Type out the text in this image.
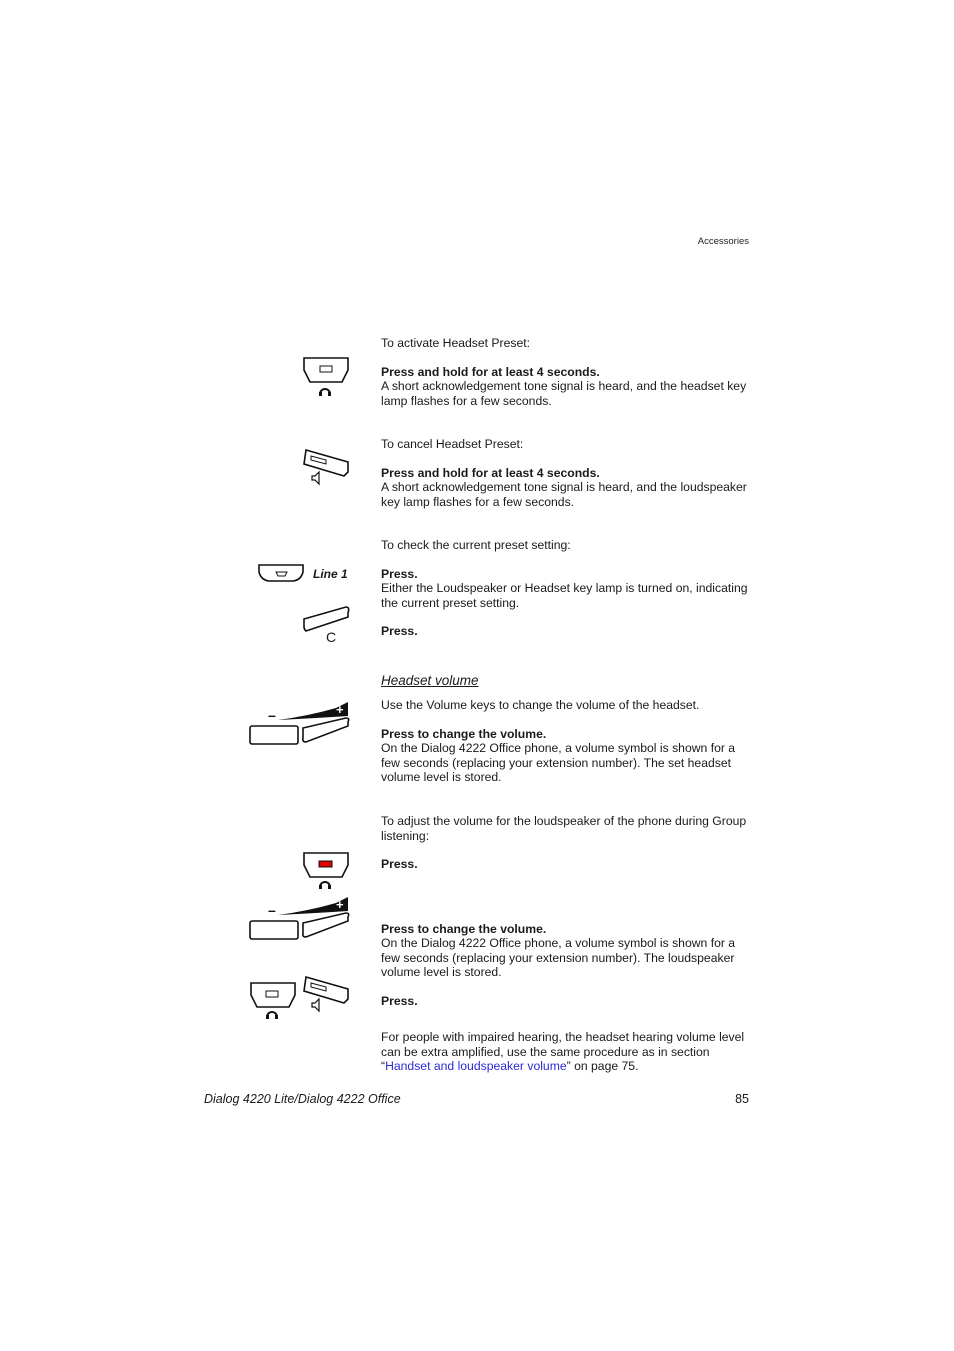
Accessories
To activate Headset Preset:
Press and hold for at least 4 seconds.
A short acknowledgement tone signal is heard, and the headset key lamp flashes for a few seconds.
To cancel Headset Preset:
Press and hold for at least 4 seconds.
A short acknowledgement tone signal is heard, and the loudspeaker key lamp flashes for a few seconds.
To check the current preset setting:
Line 1	Press.
Either the Loudspeaker or Headset key lamp is turned on, indicating the current preset setting.
C	Press.
Headset volume
Use the Volume keys to change the volume of the headset.
+
–
Press to change the volume.
On the Dialog 4222 Office phone, a volume symbol is shown for a few seconds (replacing your extension number). The set headset volume level is stored.
To adjust the volume for the loudspeaker of the phone during Group listening:
Press.
+
–
Press to change the volume.
On the Dialog 4222 Office phone, a volume symbol is shown for a few seconds (replacing your extension number). The loudspeaker volume level is stored.
Press.
For people with impaired hearing, the headset hearing volume level can be extra amplified, use the same procedure as in section “Handset and loudspeaker volume” on page 75.
Dialog 4220 Lite/Dialog 4222 Office	85
